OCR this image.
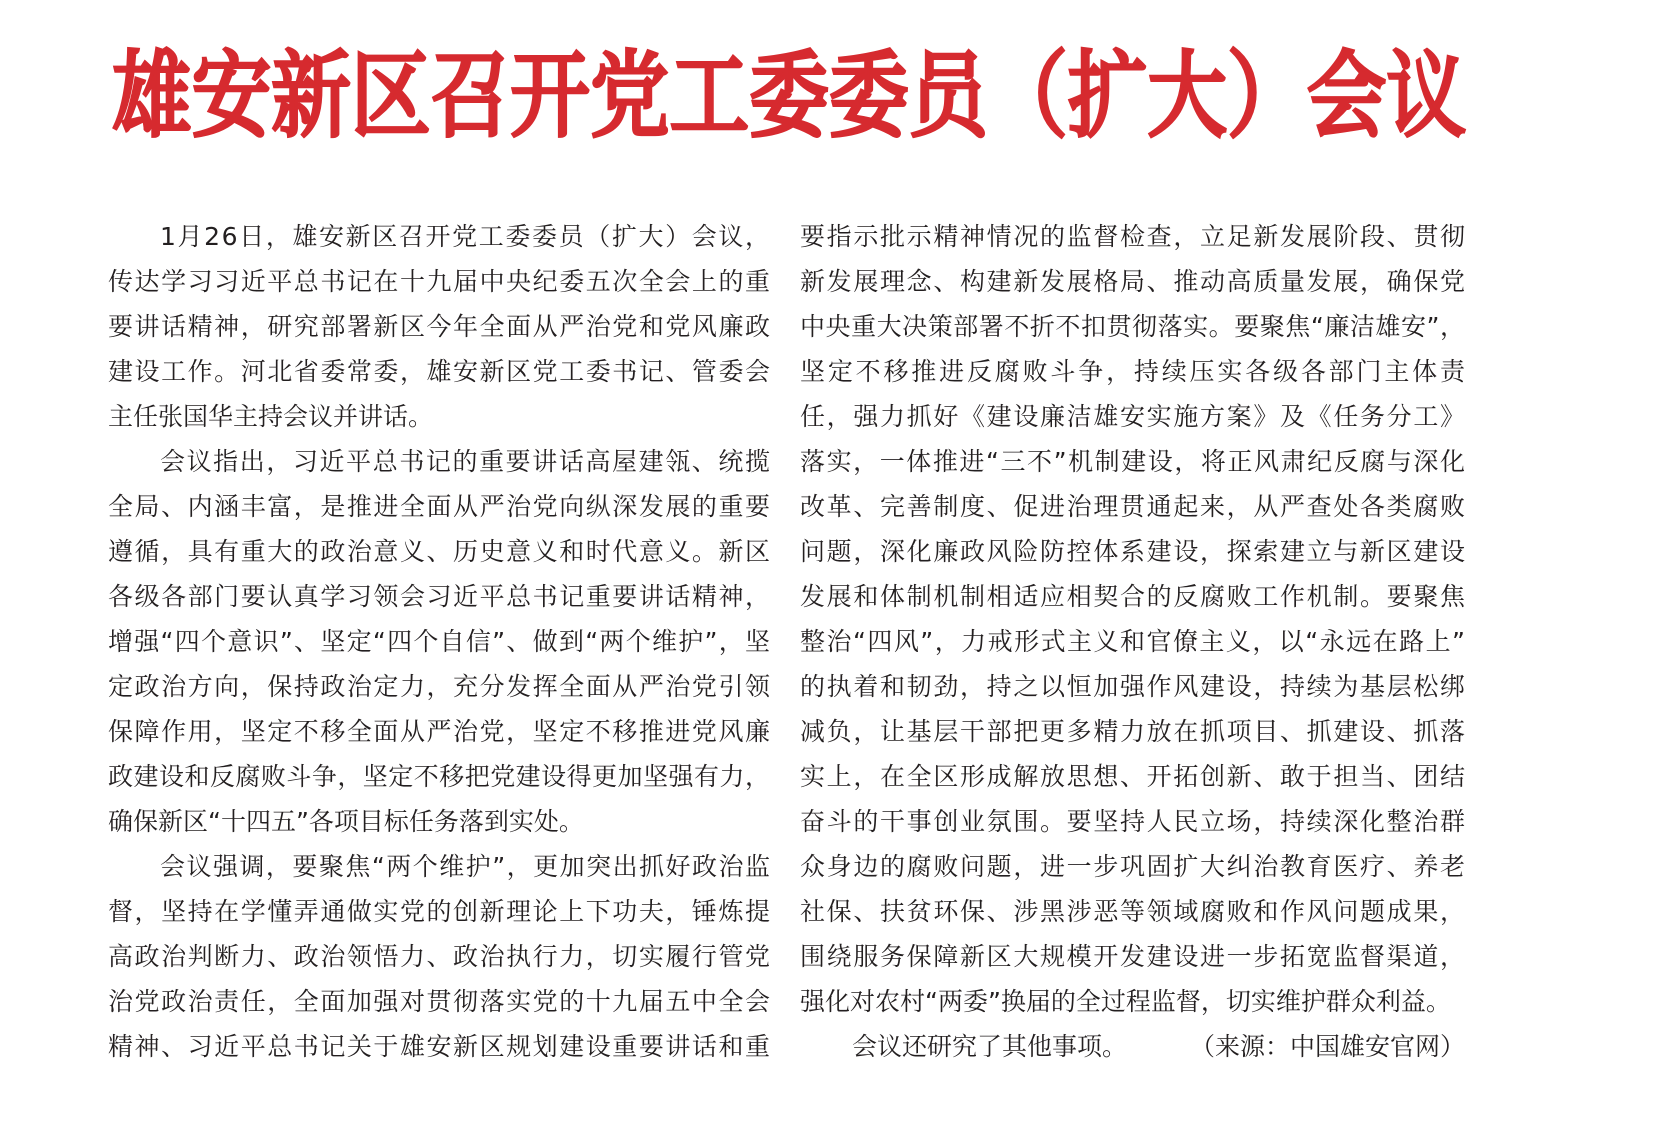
雄安新区召开党工委委员（扩大）会议
1月26日，雄安新区召开党工委委员（扩大）会议，
传达学习习近平总书记在十九届中央纪委五次全会上的重
要讲话精神，研究部署新区今年全面从严治党和党风廉政
建设工作。河北省委常委，雄安新区党工委书记、管委会
主任张国华主持会议并讲话。
会议指出，习近平总书记的重要讲话高屋建瓴、统揽
全局、内涵丰富，是推进全面从严治党向纵深发展的重要
遵循，具有重大的政治意义、历史意义和时代意义。新区
各级各部门要认真学习领会习近平总书记重要讲话精神，
增强“四个意识”、坚定“四个自信”、做到“两个维护”，坚
定政治方向，保持政治定力，充分发挥全面从严治党引领
保障作用，坚定不移全面从严治党，坚定不移推进党风廉
政建设和反腐败斗争，坚定不移把党建设得更加坚强有力，
确保新区“十四五”各项目标任务落到实处。
会议强调，要聚焦“两个维护”，更加突出抓好政治监
督，坚持在学懂弄通做实党的创新理论上下功夫，锤炼提
高政治判断力、政治领悟力、政治执行力，切实履行管党
治党政治责任，全面加强对贯彻落实党的十九届五中全会
精神、习近平总书记关于雄安新区规划建设重要讲话和重
要指示批示精神情况的监督检查，立足新发展阶段、贯彻
新发展理念、构建新发展格局、推动高质量发展，确保党
中央重大决策部署不折不扣贯彻落实。要聚焦“廉洁雄安”，
坚定不移推进反腐败斗争，持续压实各级各部门主体责
任，强力抓好《建设廉洁雄安实施方案》及《任务分工》
落实，一体推进“三不”机制建设，将正风肃纪反腐与深化
改革、完善制度、促进治理贯通起来，从严查处各类腐败
问题，深化廉政风险防控体系建设，探索建立与新区建设
发展和体制机制相适应相契合的反腐败工作机制。要聚焦
整治“四风”，力戒形式主义和官僚主义，以“永远在路上”
的执着和韧劲，持之以恒加强作风建设，持续为基层松绑
减负，让基层干部把更多精力放在抓项目、抓建设、抓落
实上，在全区形成解放思想、开拓创新、敢于担当、团结
奋斗的干事创业氛围。要坚持人民立场，持续深化整治群
众身边的腐败问题，进一步巩固扩大纠治教育医疗、养老
社保、扶贫环保、涉黑涉恶等领域腐败和作风问题成果，
围绕服务保障新区大规模开发建设进一步拓宽监督渠道，
强化对农村“两委”换届的全过程监督，切实维护群众利益。
会议还研究了其他事项。	（来源：中国雄安官网）
